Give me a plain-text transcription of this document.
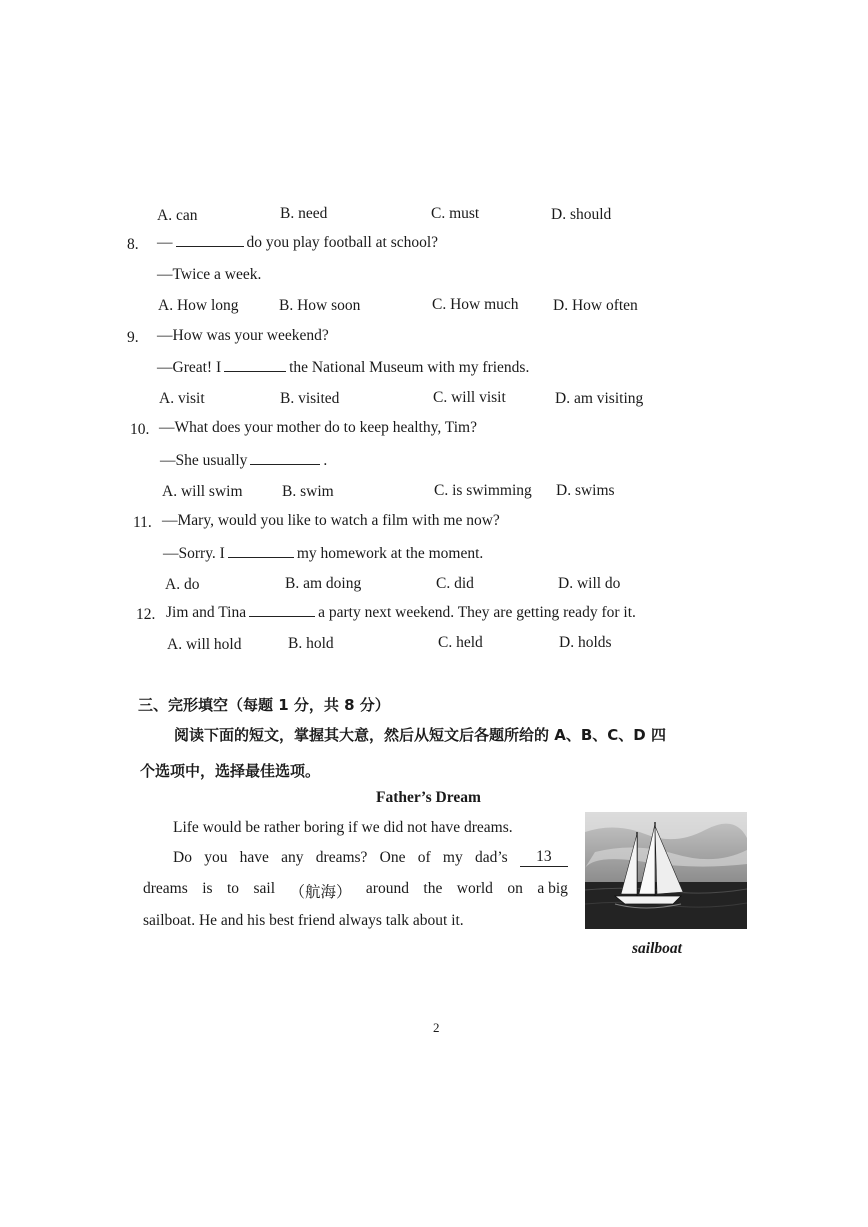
A. can	B. need	C. must	D. should
8. —	do you play football at school?
—Twice a week.
A. How long	B. How soon	C. How much D. How often
9. —How was your weekend?
—Great! I	the National Museum with my friends.
A. visit	B. visited	C. will visit	D. am visiting
10. —What does your mother do to keep healthy, Tim?
—She usually	.
A. will swim	B. swim	C. is swimming D. swims
11. —Mary, would you like to watch a film with me now?
—Sorry. I	my homework at the moment.
A. do	B. am doing	C. did	D. will do
12. Jim and Tina	a party next weekend. They are getting ready for it.
A. will hold	B. hold	C. held	D. holds
三、完形填空（每题 1 分，共 8 分）
阅读下面的短文，掌握其大意，然后从短文后各题所给的 A、B、C、D 四
个选项中，选择最佳选项。
Father’s Dream
Life would be rather boring if we did not have dreams.
Do you have any dreams? One of my dad’s	13
dreams is to sail （航海） around the world on a big
sailboat. He and his best friend always talk about it.
sailboat
2
